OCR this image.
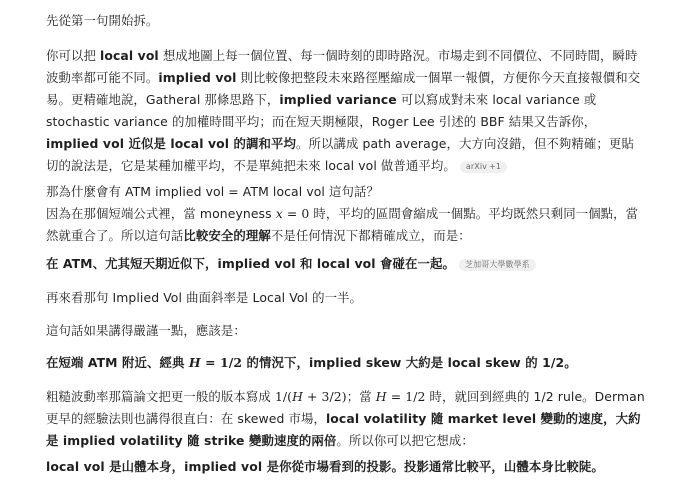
先從第一句開始拆。

你可以把 local vol 想成地圖上每一個位置、每一個時刻的即時路況。市場走到不同價位、不同時間，瞬時波動率都可能不同。implied vol 則比較像把整段未來路徑壓縮成一個單一報價，方便你今天直接報價和交易。更精確地說，Gatheral 那條思路下，implied variance 可以寫成對未來 local variance 或 stochastic variance 的加權時間平均；而在短天期極限，Roger Lee 引述的 BBF 結果又告訴你，implied vol 近似是 local vol 的調和平均。所以講成 path average，大方向沒錯，但不夠精確；更貼切的說法是，它是某種加權平均，不是單純把未來 local vol 做普通平均。 arXiv +1

那為什麼會有 ATM implied vol = ATM local vol 這句話？
因為在那個短端公式裡，當 moneyness x = 0 時，平均的區間會縮成一個點。平均既然只剩同一個點，當然就重合了。所以這句話比較安全的理解不是任何情況下都精確成立，而是：

在 ATM、尤其短天期近似下，implied vol 和 local vol 會碰在一起。 芝加哥大學數學系

再來看那句 Implied Vol 曲面斜率是 Local Vol 的一半。

這句話如果講得嚴謹一點，應該是：

在短端 ATM 附近、經典 H = 1/2 的情況下，implied skew 大約是 local skew 的 1/2。

粗糙波動率那篇論文把更一般的版本寫成 1/(H + 3/2)；當 H = 1/2 時，就回到經典的 1/2 rule。Derman 更早的經驗法則也講得很直白：在 skewed 市場，local volatility 隨 market level 變動的速度，大約是 implied volatility 隨 strike 變動速度的兩倍。所以你可以把它想成：

local vol 是山體本身，implied vol 是你從市場看到的投影。投影通常比較平，山體本身比較陡。
